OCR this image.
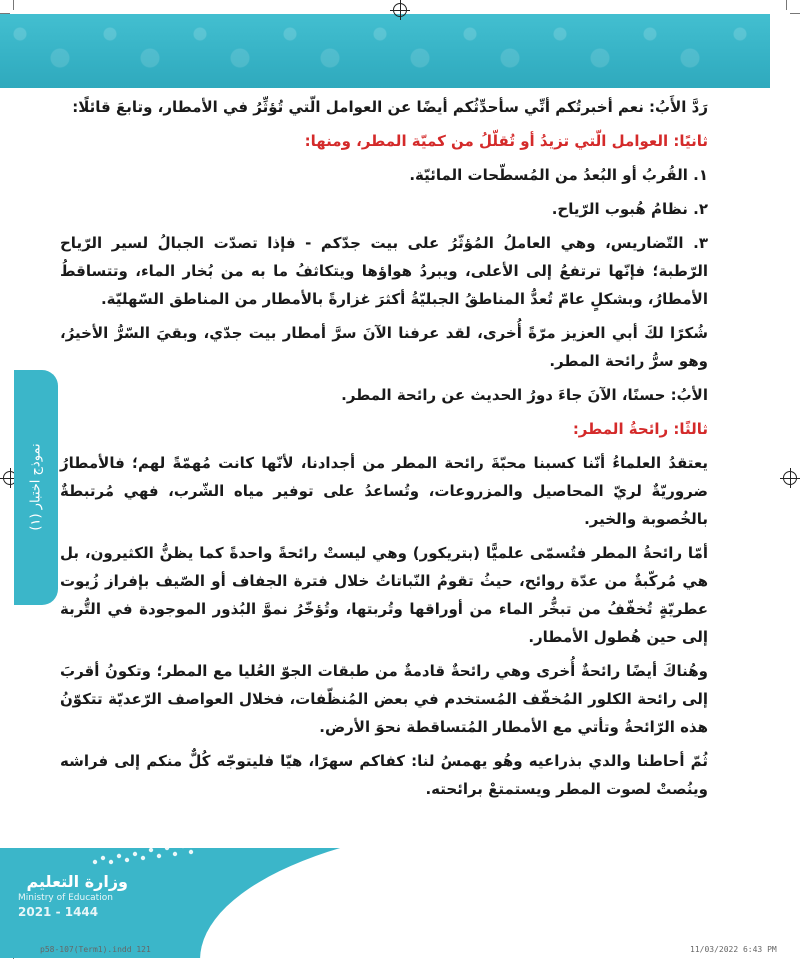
نموذج اختبار (١)

رَدَّ الأَبُ: نعم أخبرتُكم أنِّي سأحدِّثُكم أيضًا عن العوامل الّتي تُؤثِّرُ في الأمطار، وتابعَ قائلًا:

ثانيًا: العوامل الّتي تزيدُ أو تُقلّلُ من كميّة المطر، ومنها:

١. القُربُ أو البُعدُ من المُسطّحات المائيّة.

٢. نظامُ هُبوب الرّياح.

٣. التّضاريس، وهي العاملُ المُؤثّرُ على بيت جدّكم - فإذا تصدّت الجبالُ لسير الرّياح الرّطبة؛ فإنّها ترتفعُ إلى الأعلى، ويبردُ هواؤها ويتكاثفُ ما به من بُخار الماء، وتتساقطُ الأمطارُ، وبشكلٍ عامّ تُعدُّ المناطقُ الجبليّةُ أكثرَ غزارةً بالأمطار من المناطق السّهليّة.

شُكرًا لكَ أبي العزيز مرّةً أُخرى، لقد عرفنا الآنَ سرَّ أمطار بيت جدّي، وبقيَ السّرُّ الأخيرُ، وهو سرُّ رائحة المطر.

الأبُ: حسنًا، الآنَ جاءَ دورُ الحديث عن رائحة المطر.

ثالثًا: رائحةُ المطر:

يعتقدُ العلماءُ أنّنا كسبنا محبّةَ رائحة المطر من أجدادنا، لأنّها كانت مُهمّةً لهم؛ فالأمطارُ ضروريّةٌ لريّ المحاصيل والمزروعات، وتُساعدُ على توفير مياه الشّرب، فهي مُرتبطةٌ بالخُصوبة والخير.

أمّا رائحةُ المطر فتُسمّى علميًّا (بتريكور) وهي ليستْ رائحةً واحدةً كما يظنُّ الكثيرون، بل هي مُركّبةٌ من عدّة روائح، حيثُ تقومُ النّباتاتُ خلال فترة الجفاف أو الصّيف بإفراز زُيوت عطريّةٍ تُخفّفُ من تبخُّر الماء من أوراقها وتُربتها، وتُؤخّرُ نموَّ البُذور الموجودة في التُّربة إلى حين هُطول الأمطار.

وهُناكَ أيضًا رائحةٌ أُخرى وهي رائحةٌ قادمةٌ من طبقات الجوّ العُليا مع المطر؛ وتكونُ أقربَ إلى رائحة الكلور المُخفّف المُستخدم في بعض المُنظّفات، فخلال العواصف الرّعديّة تتكوّنُ هذه الرّائحةُ وتأتي مع الأمطار المُتساقطة نحوَ الأرض.

ثُمّ أحاطنا والدي بذراعيه وهُو يهمسُ لنا: كفاكم سهرًا، هيّا فليتوجّه كُلٌّ منكم إلى فراشه وينُصتْ لصوت المطر ويستمتعْ برائحته.

وزارة التعليم
Ministry of Education
2021 - 1444
p58-107(Term1).indd 121	11/03/2022 6:43 PM
